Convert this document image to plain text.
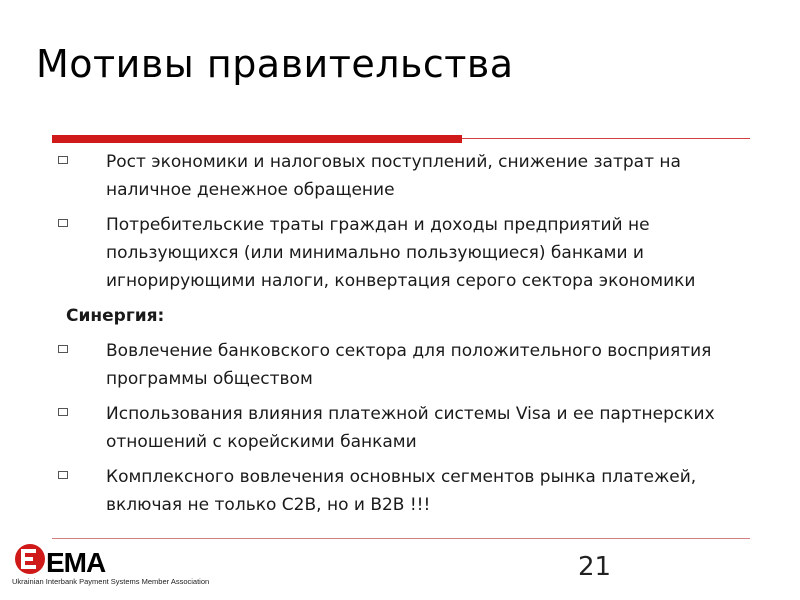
Мотивы правительства
Рост экономики и налоговых поступлений, снижение затрат на наличное денежное обращение
Потребительские траты граждан и доходы предприятий не пользующихся (или минимально пользующиеся) банками и игнорирующими налоги, конвертация серого сектора экономики
Синергия:
Вовлечение банковского сектора для положительного восприятия программы обществом
Использования влияния платежной системы Visa и ее партнерских отношений с корейскими банками
Комплексного вовлечения основных сегментов рынка платежей, включая не только C2B, но и B2B !!!
EMA
Ukrainian Interbank Payment Systems Member Association	21
